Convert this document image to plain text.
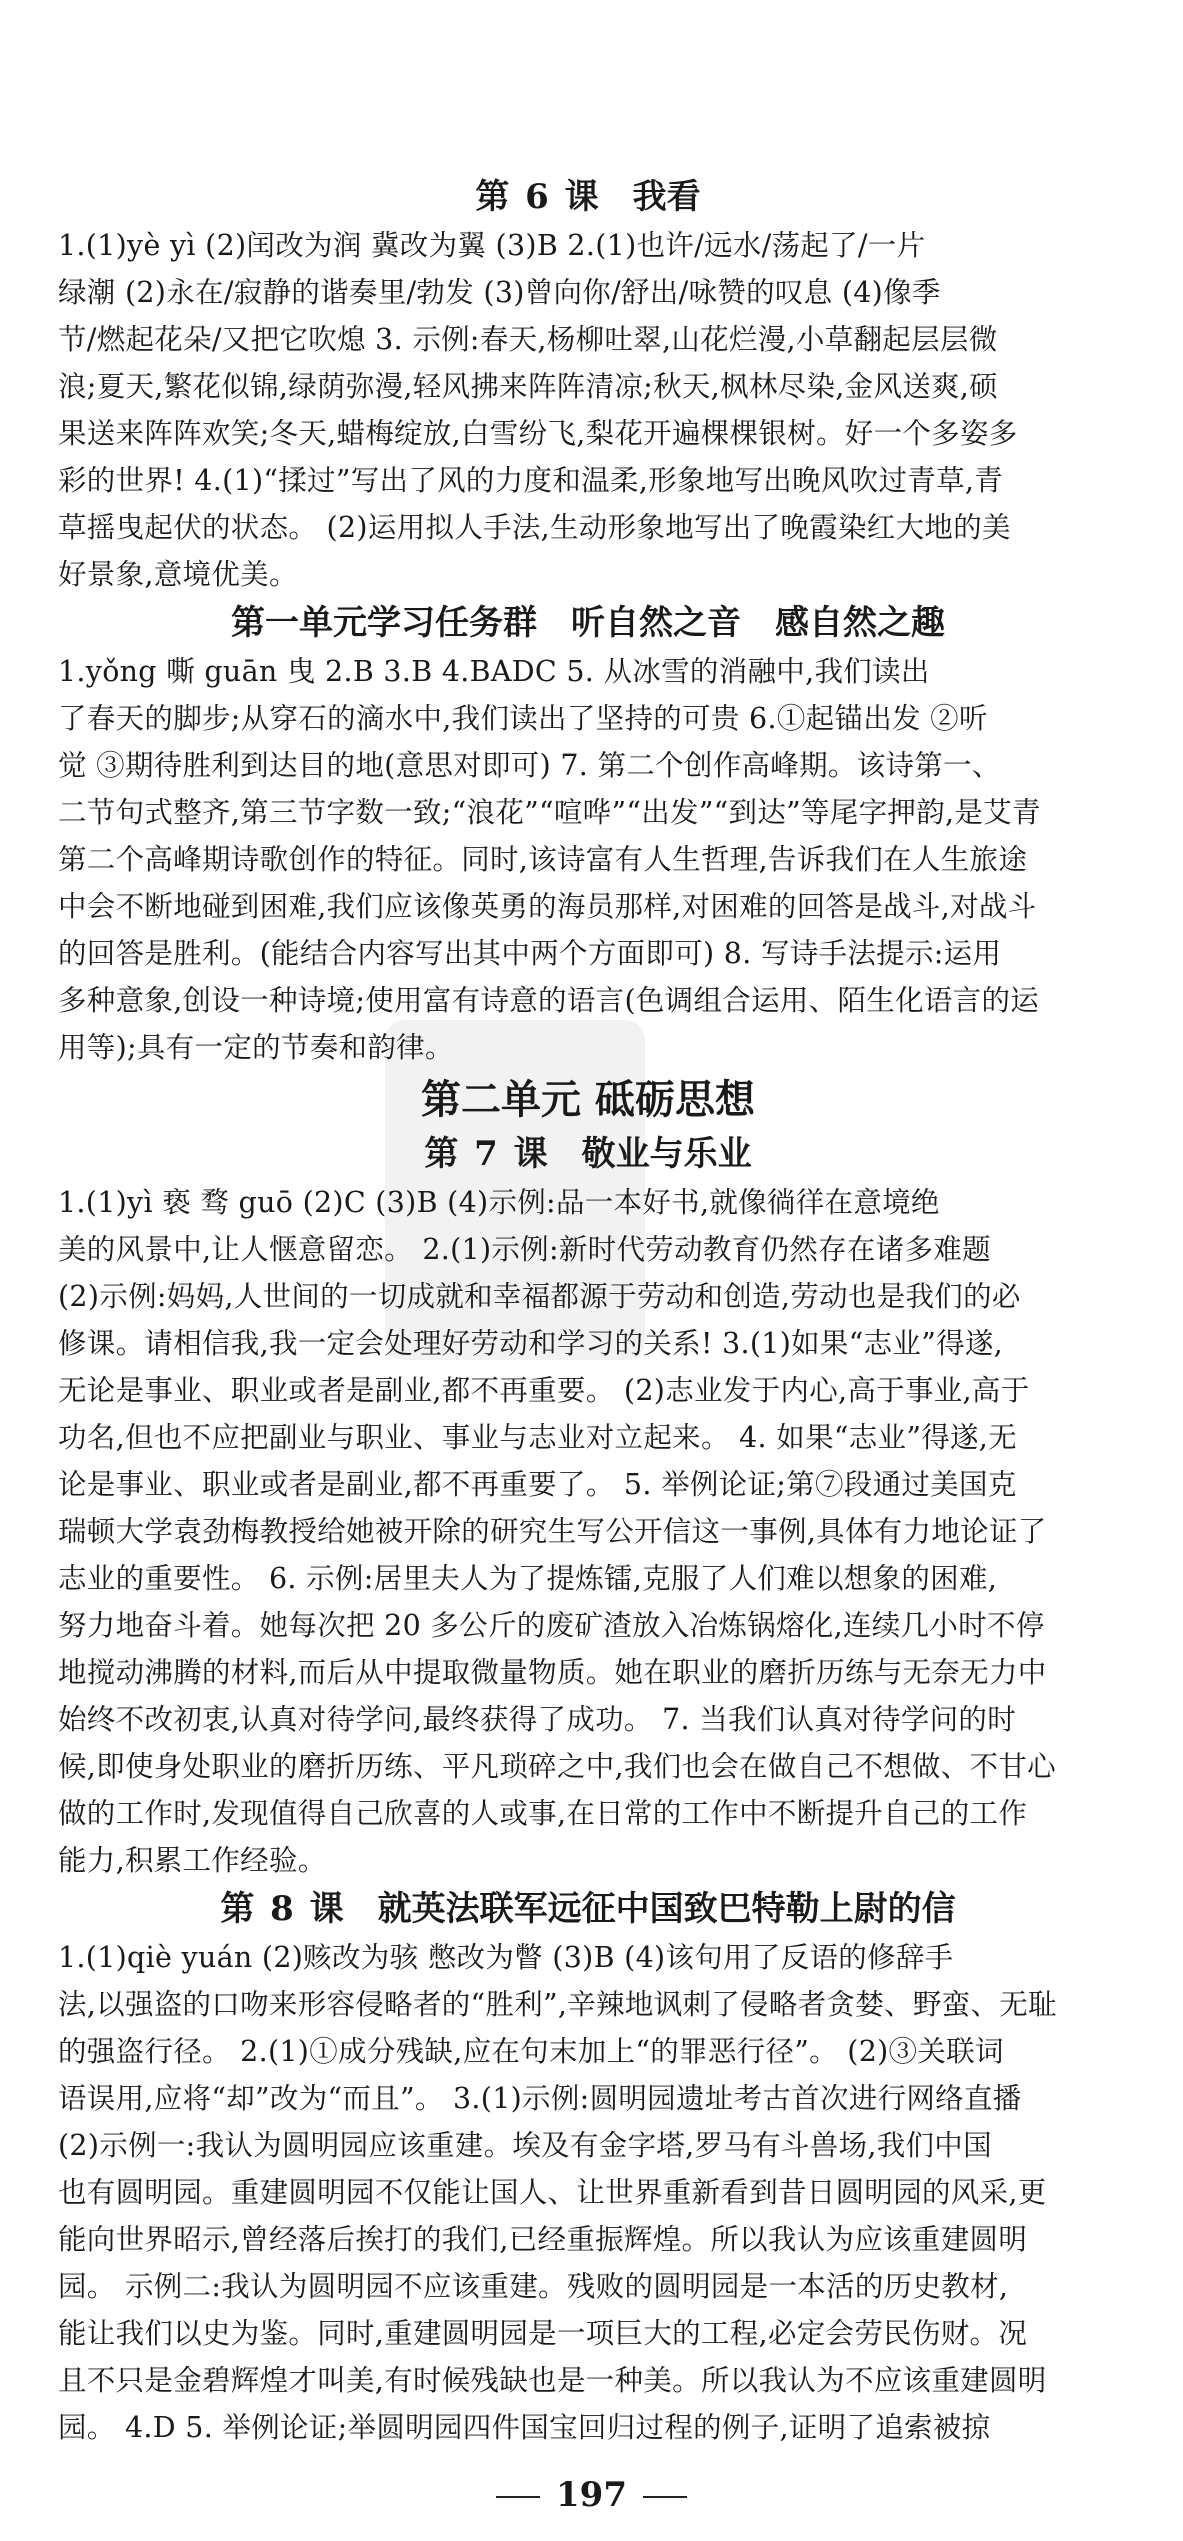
第 6 课 我看
1.(1)yè yì (2)闰改为润 冀改为翼 (3)B 2.(1)也许/远水/荡起了/一片
绿潮 (2)永在/寂静的谐奏里/勃发 (3)曾向你/舒出/咏赞的叹息 (4)像季
节/燃起花朵/又把它吹熄 3. 示例:春天,杨柳吐翠,山花烂漫,小草翻起层层微
浪;夏天,繁花似锦,绿荫弥漫,轻风拂来阵阵清凉;秋天,枫林尽染,金风送爽,硕
果送来阵阵欢笑;冬天,蜡梅绽放,白雪纷飞,梨花开遍棵棵银树。好一个多姿多
彩的世界! 4.(1)“揉过”写出了风的力度和温柔,形象地写出晚风吹过青草,青
草摇曳起伏的状态。 (2)运用拟人手法,生动形象地写出了晚霞染红大地的美
好景象,意境优美。
第一单元学习任务群 听自然之音 感自然之趣
1.yǒng 嘶 guān 曳 2.B 3.B 4.BADC 5. 从冰雪的消融中,我们读出
了春天的脚步;从穿石的滴水中,我们读出了坚持的可贵 6.①起锚出发 ②听
觉 ③期待胜利到达目的地(意思对即可) 7. 第二个创作高峰期。该诗第一、
二节句式整齐,第三节字数一致;“浪花”“喧哗”“出发”“到达”等尾字押韵,是艾青
第二个高峰期诗歌创作的特征。同时,该诗富有人生哲理,告诉我们在人生旅途
中会不断地碰到困难,我们应该像英勇的海员那样,对困难的回答是战斗,对战斗
的回答是胜利。(能结合内容写出其中两个方面即可) 8. 写诗手法提示:运用
多种意象,创设一种诗境;使用富有诗意的语言(色调组合运用、陌生化语言的运
用等);具有一定的节奏和韵律。
第二单元 砥砺思想
第 7 课 敬业与乐业
1.(1)yì 亵 骛 guō (2)C (3)B (4)示例:品一本好书,就像徜徉在意境绝
美的风景中,让人惬意留恋。 2.(1)示例:新时代劳动教育仍然存在诸多难题
(2)示例:妈妈,人世间的一切成就和幸福都源于劳动和创造,劳动也是我们的必
修课。请相信我,我一定会处理好劳动和学习的关系! 3.(1)如果“志业”得遂,
无论是事业、职业或者是副业,都不再重要。 (2)志业发于内心,高于事业,高于
功名,但也不应把副业与职业、事业与志业对立起来。 4. 如果“志业”得遂,无
论是事业、职业或者是副业,都不再重要了。 5. 举例论证;第⑦段通过美国克
瑞顿大学袁劲梅教授给她被开除的研究生写公开信这一事例,具体有力地论证了
志业的重要性。 6. 示例:居里夫人为了提炼镭,克服了人们难以想象的困难,
努力地奋斗着。她每次把 20 多公斤的废矿渣放入冶炼锅熔化,连续几小时不停
地搅动沸腾的材料,而后从中提取微量物质。她在职业的磨折历练与无奈无力中
始终不改初衷,认真对待学问,最终获得了成功。 7. 当我们认真对待学问的时
候,即使身处职业的磨折历练、平凡琐碎之中,我们也会在做自己不想做、不甘心
做的工作时,发现值得自己欣喜的人或事,在日常的工作中不断提升自己的工作
能力,积累工作经验。
第 8 课 就英法联军远征中国致巴特勒上尉的信
1.(1)qiè yuán (2)赅改为骇 憋改为瞥 (3)B (4)该句用了反语的修辞手
法,以强盗的口吻来形容侵略者的“胜利”,辛辣地讽刺了侵略者贪婪、野蛮、无耻
的强盗行径。 2.(1)①成分残缺,应在句末加上“的罪恶行径”。 (2)③关联词
语误用,应将“却”改为“而且”。 3.(1)示例:圆明园遗址考古首次进行网络直播
(2)示例一:我认为圆明园应该重建。埃及有金字塔,罗马有斗兽场,我们中国
也有圆明园。重建圆明园不仅能让国人、让世界重新看到昔日圆明园的风采,更
能向世界昭示,曾经落后挨打的我们,已经重振辉煌。所以我认为应该重建圆明
园。 示例二:我认为圆明园不应该重建。残败的圆明园是一本活的历史教材,
能让我们以史为鉴。同时,重建圆明园是一项巨大的工程,必定会劳民伤财。况
且不只是金碧辉煌才叫美,有时候残缺也是一种美。所以我认为不应该重建圆明
园。 4.D 5. 举例论证;举圆明园四件国宝回归过程的例子,证明了追索被掠
197
